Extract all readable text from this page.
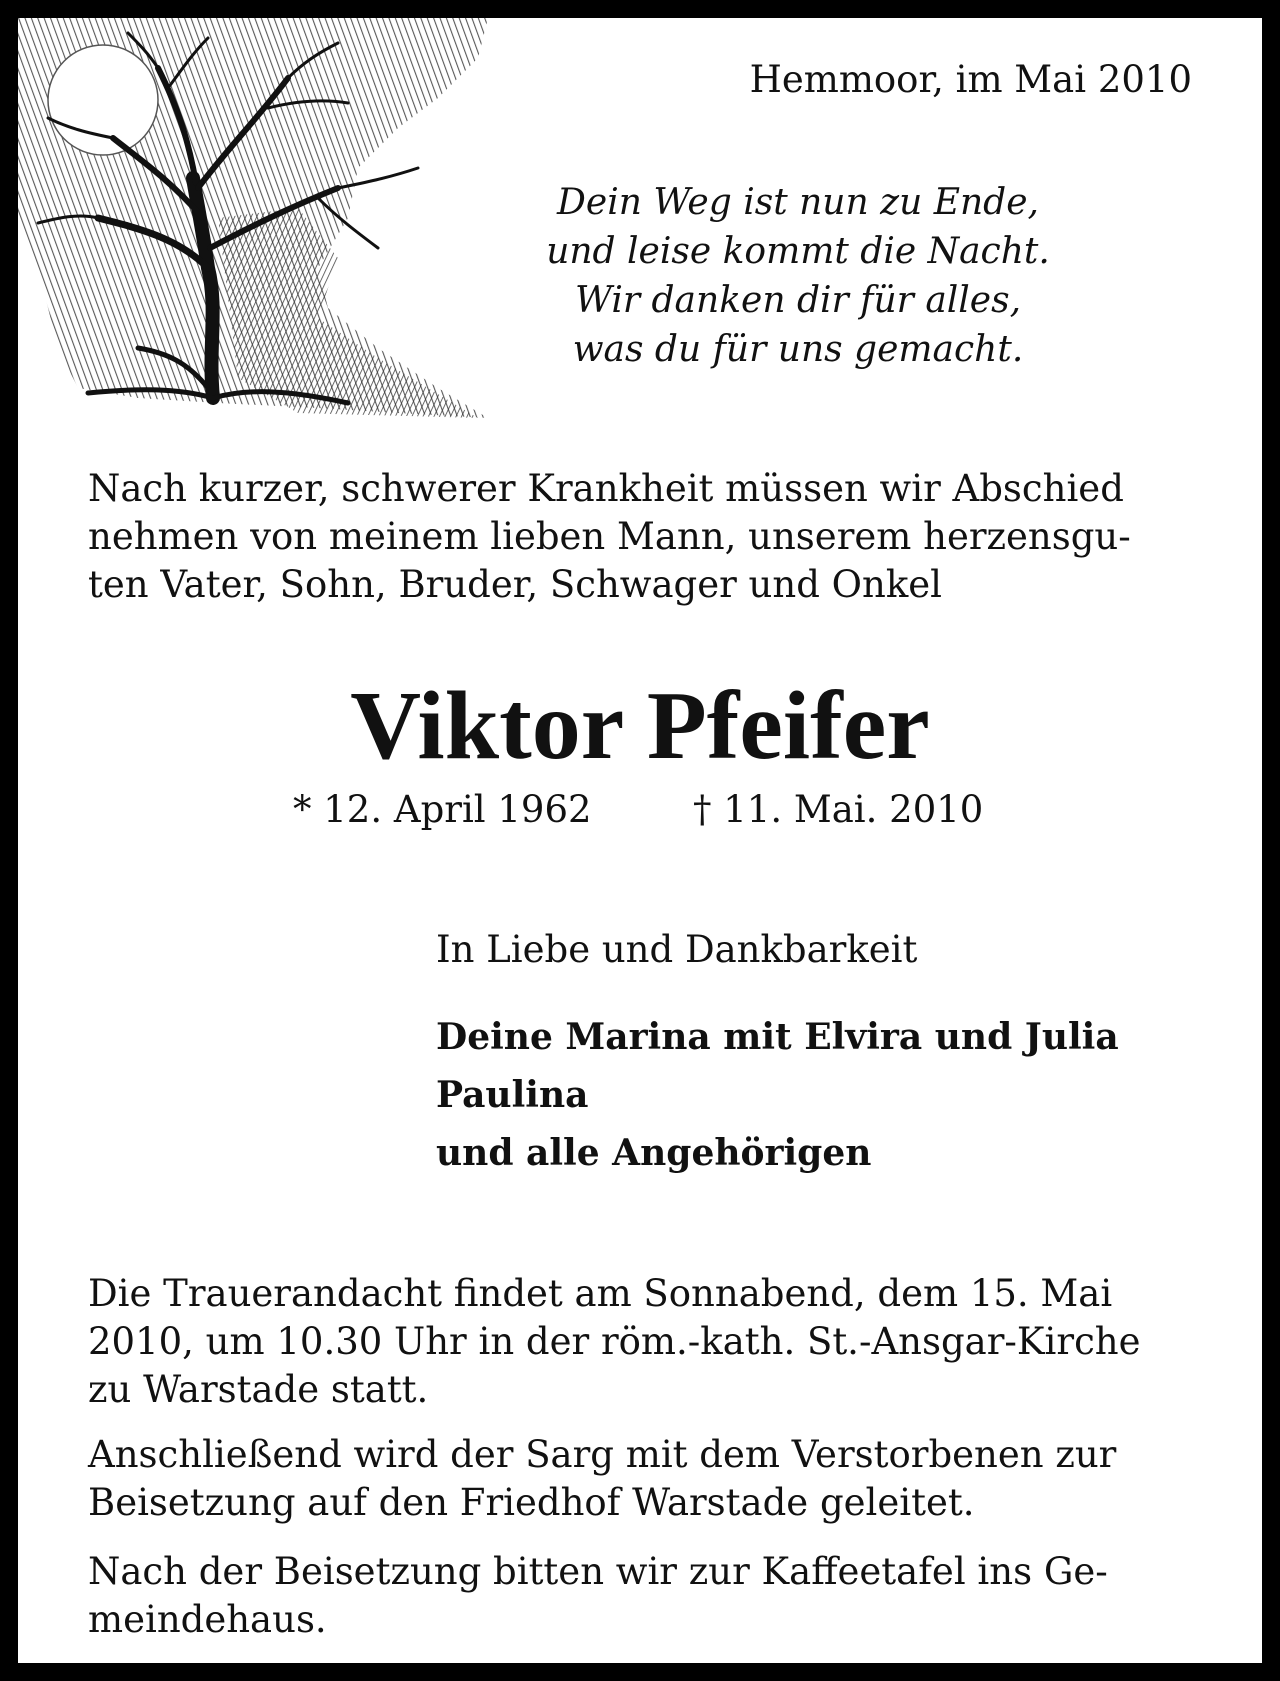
Hemmoor, im Mai 2010
Dein Weg ist nun zu Ende,
und leise kommt die Nacht.
Wir danken dir für alles,
was du für uns gemacht.
Nach kurzer, schwerer Krankheit müssen wir Abschied
nehmen von meinem lieben Mann, unserem herzensgu-
ten Vater, Sohn, Bruder, Schwager und Onkel
Viktor Pfeifer
* 12. April 1962	† 11. Mai. 2010
In Liebe und Dankbarkeit
Deine Marina mit Elvira und Julia
Paulina
und alle Angehörigen
Die Trauerandacht findet am Sonnabend, dem 15. Mai
2010, um 10.30 Uhr in der röm.-kath. St.-Ansgar-Kirche
zu Warstade statt.
Anschließend wird der Sarg mit dem Verstorbenen zur
Beisetzung auf den Friedhof Warstade geleitet.
Nach der Beisetzung bitten wir zur Kaffeetafel ins Ge-
meindehaus.
